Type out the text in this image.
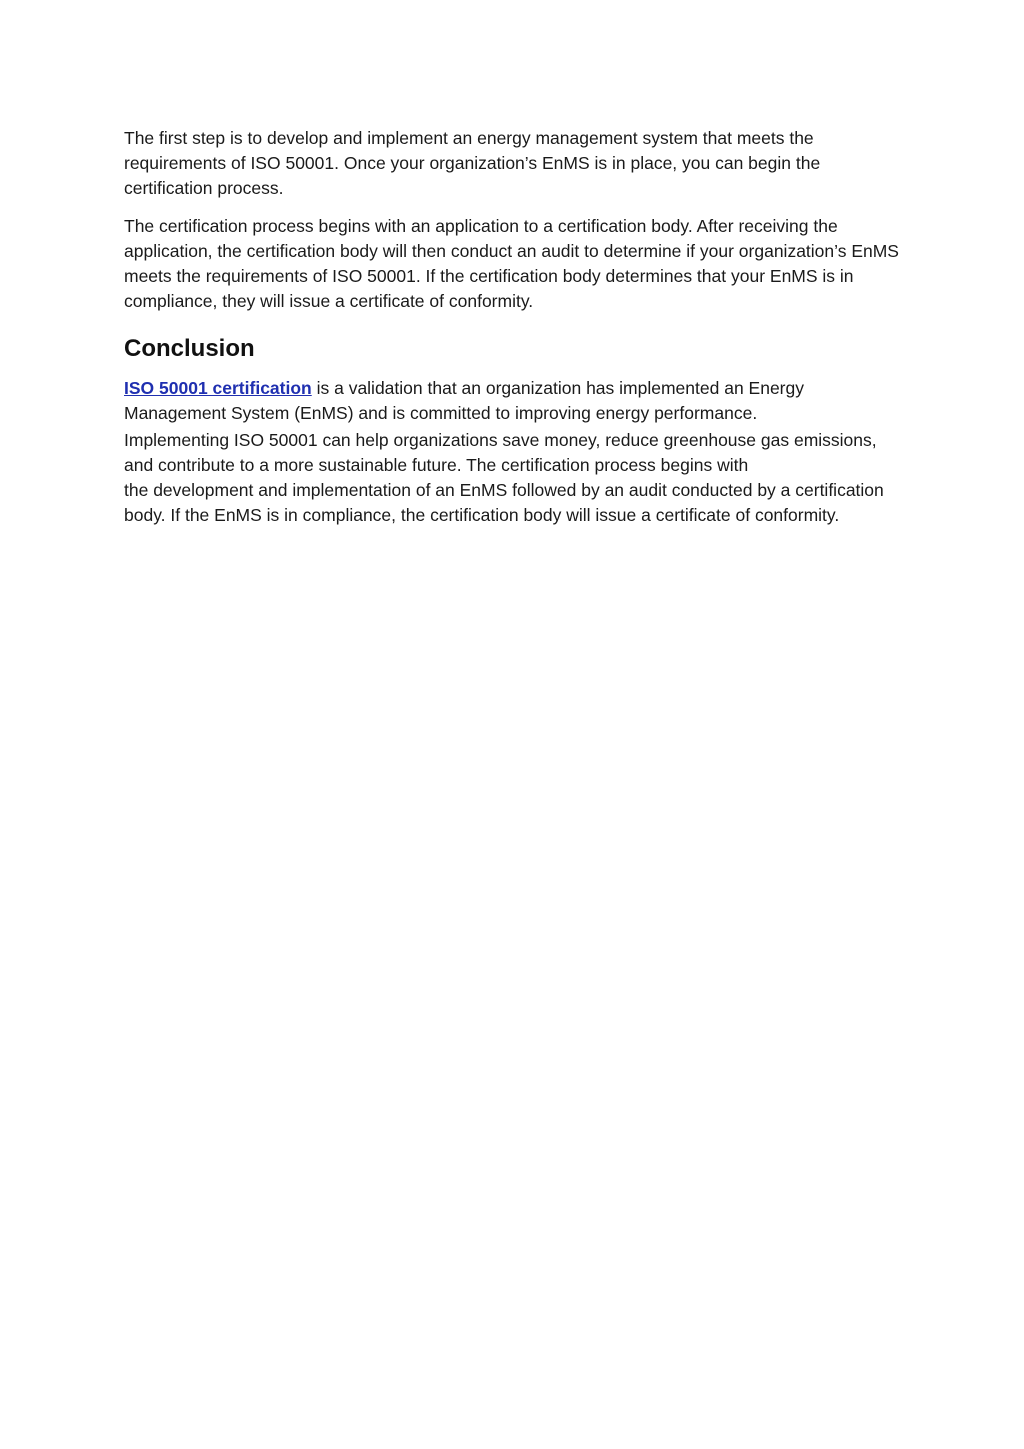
The first step is to develop and implement an energy management system that meets the requirements of ISO 50001. Once your organization’s EnMS is in place, you can begin the certification process.

The certification process begins with an application to a certification body. After receiving the application, the certification body will then conduct an audit to determine if your organization’s EnMS meets the requirements of ISO 50001. If the certification body determines that your EnMS is in compliance, they will issue a certificate of conformity.

Conclusion
ISO 50001 certification is a validation that an organization has implemented an Energy Management System (EnMS) and is committed to improving energy performance.
Implementing ISO 50001 can help organizations save money, reduce greenhouse gas emissions, and contribute to a more sustainable future. The certification process begins with
the development and implementation of an EnMS followed by an audit conducted by a certification body. If the EnMS is in compliance, the certification body will issue a certificate of conformity.
